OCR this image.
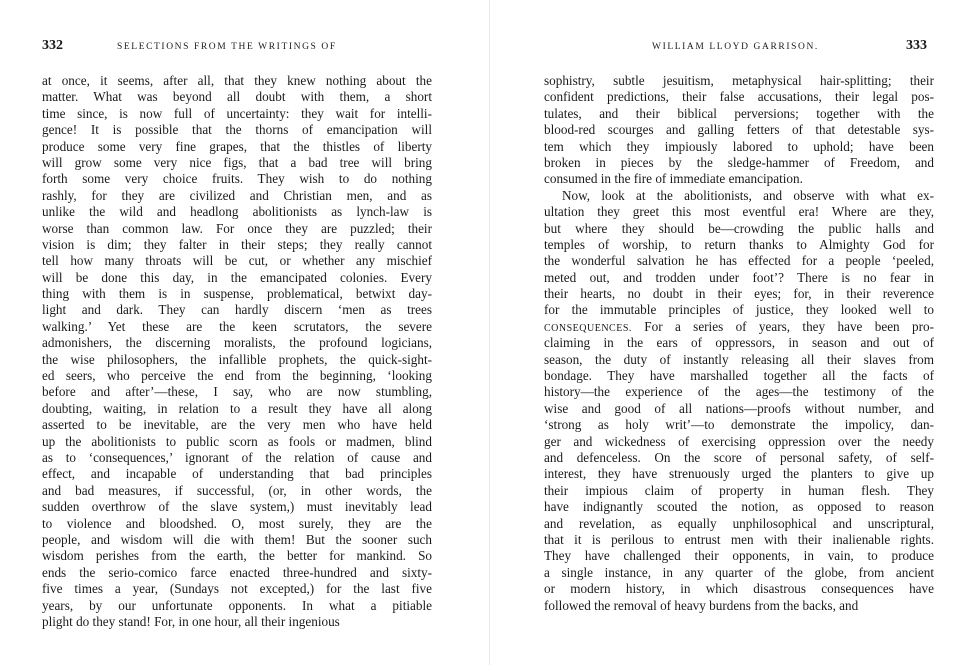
332	SELECTIONS FROM THE WRITINGS OF
at once, it seems, after all, that they knew nothing about the
matter. What was beyond all doubt with them, a short
time since, is now full of uncertainty: they wait for intelli-
gence! It is possible that the thorns of emancipation will
produce some very fine grapes, that the thistles of liberty
will grow some very nice figs, that a bad tree will bring
forth some very choice fruits. They wish to do nothing
rashly, for they are civilized and Christian men, and as
unlike the wild and headlong abolitionists as lynch-law is
worse than common law. For once they are puzzled; their
vision is dim; they falter in their steps; they really cannot
tell how many throats will be cut, or whether any mischief
will be done this day, in the emancipated colonies. Every
thing with them is in suspense, problematical, betwixt day-
light and dark. They can hardly discern ‘men as trees
walking.’ Yet these are the keen scrutators, the severe
admonishers, the discerning moralists, the profound logicians,
the wise philosophers, the infallible prophets, the quick-sight-
ed seers, who perceive the end from the beginning, ‘looking
before and after’—these, I say, who are now stumbling,
doubting, waiting, in relation to a result they have all along
asserted to be inevitable, are the very men who have held
up the abolitionists to public scorn as fools or madmen, blind
as to ‘consequences,’ ignorant of the relation of cause and
effect, and incapable of understanding that bad principles
and bad measures, if successful, (or, in other words, the
sudden overthrow of the slave system,) must inevitably lead
to violence and bloodshed. O, most surely, they are the
people, and wisdom will die with them! But the sooner such
wisdom perishes from the earth, the better for mankind. So
ends the serio-comico farce enacted three-hundred and sixty-
five times a year, (Sundays not excepted,) for the last five
years, by our unfortunate opponents. In what a pitiable
plight do they stand! For, in one hour, all their ingenious
WILLIAM LLOYD GARRISON.	333
sophistry, subtle jesuitism, metaphysical hair-splitting; their
confident predictions, their false accusations, their legal pos-
tulates, and their biblical perversions; together with the
blood-red scourges and galling fetters of that detestable sys-
tem which they impiously labored to uphold; have been
broken in pieces by the sledge-hammer of Freedom, and
consumed in the fire of immediate emancipation.
Now, look at the abolitionists, and observe with what ex-
ultation they greet this most eventful era! Where are they,
but where they should be—crowding the public halls and
temples of worship, to return thanks to Almighty God for
the wonderful salvation he has effected for a people ‘peeled,
meted out, and trodden under foot’? There is no fear in
their hearts, no doubt in their eyes; for, in their reverence
for the immutable principles of justice, they looked well to
CONSEQUENCES. For a series of years, they have been pro-
claiming in the ears of oppressors, in season and out of
season, the duty of instantly releasing all their slaves from
bondage. They have marshalled together all the facts of
history—the experience of the ages—the testimony of the
wise and good of all nations—proofs without number, and
‘strong as holy writ’—to demonstrate the impolicy, dan-
ger and wickedness of exercising oppression over the needy
and defenceless. On the score of personal safety, of self-
interest, they have strenuously urged the planters to give up
their impious claim of property in human flesh. They
have indignantly scouted the notion, as opposed to reason
and revelation, as equally unphilosophical and unscriptural,
that it is perilous to entrust men with their inalienable rights.
They have challenged their opponents, in vain, to produce
a single instance, in any quarter of the globe, from ancient
or modern history, in which disastrous consequences have
followed the removal of heavy burdens from the backs, and
